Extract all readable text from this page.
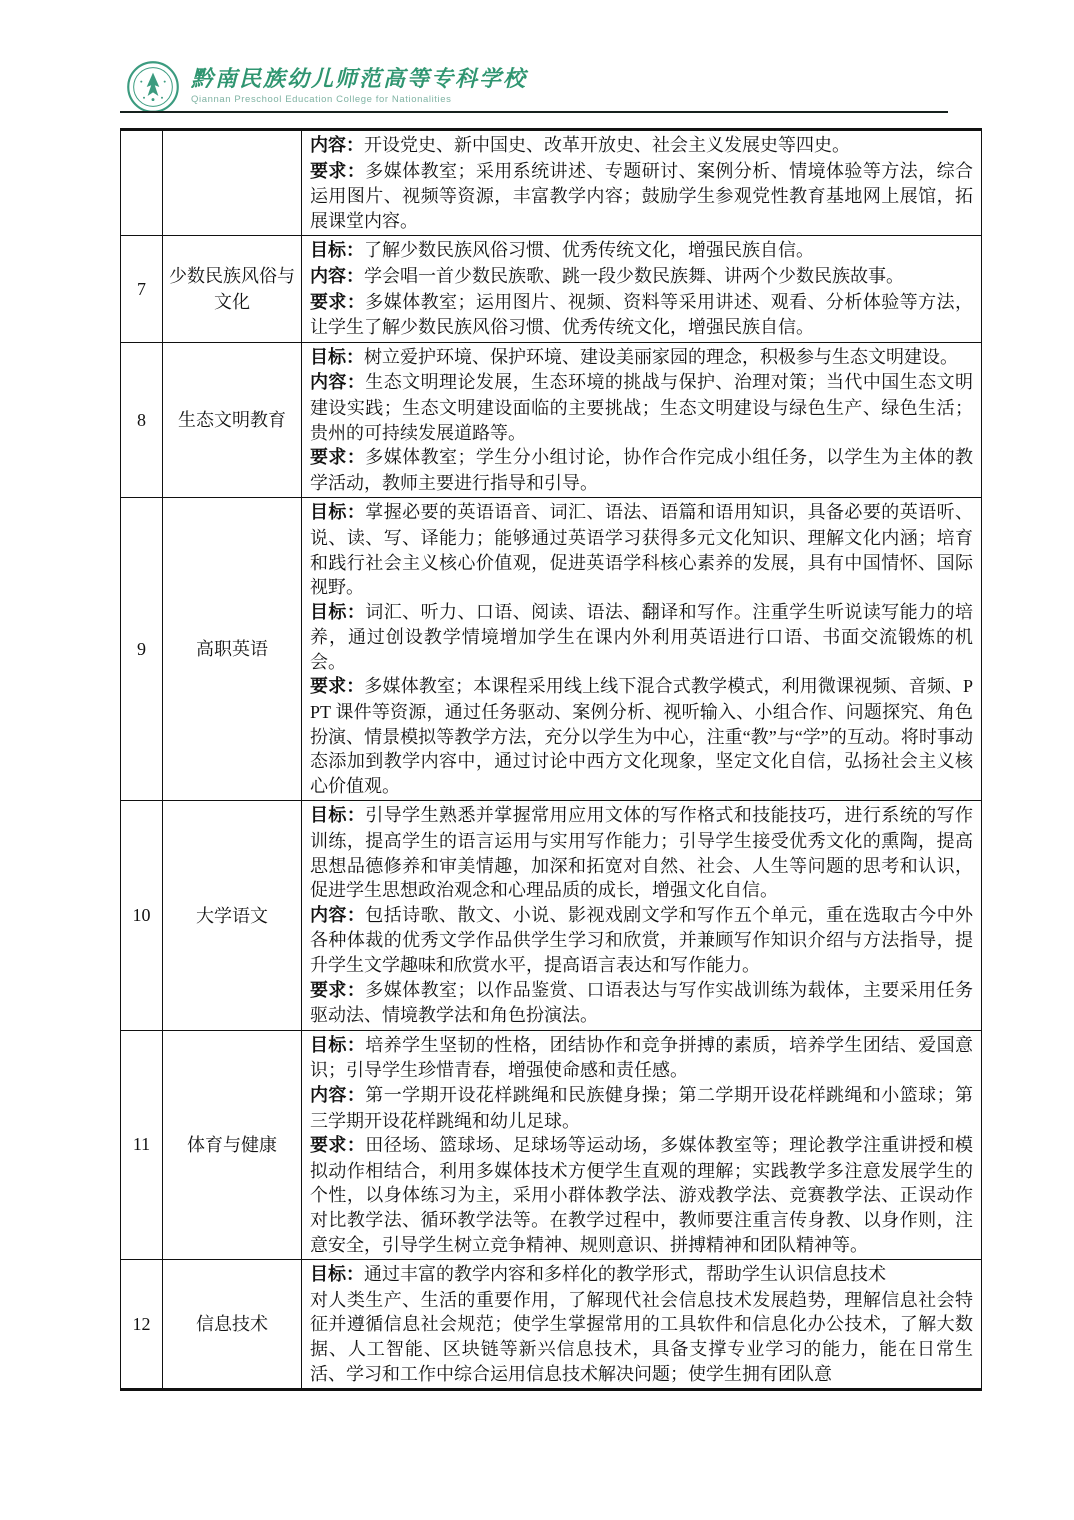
黔南民族幼儿师范高等专科学校
Qiannan Preschool Education College for Nationalities

		内容：开设党史、新中国史、改革开放史、社会主义发展史等四史。

要求：多媒体教室；采用系统讲述、专题研讨、案例分析、情境体验等方法，综合运用图片、视频等资源，丰富教学内容；鼓励学生参观党性教育基地网上展馆，拓展课堂内容。

7	少数民族风俗与文化	目标：了解少数民族风俗习惯、优秀传统文化，增强民族自信。

内容：学会唱一首少数民族歌、跳一段少数民族舞、讲两个少数民族故事。

要求：多媒体教室；运用图片、视频、资料等采用讲述、观看、分析体验等方法，让学生了解少数民族风俗习惯、优秀传统文化，增强民族自信。

8	生态文明教育	目标：树立爱护环境、保护环境、建设美丽家园的理念，积极参与生态文明建设。

内容：生态文明理论发展，生态环境的挑战与保护、治理对策；当代中国生态文明建设实践；生态文明建设面临的主要挑战；生态文明建设与绿色生产、绿色生活；贵州的可持续发展道路等。

要求：多媒体教室；学生分小组讨论，协作合作完成小组任务，以学生为主体的教学活动，教师主要进行指导和引导。

9	高职英语	目标：掌握必要的英语语音、词汇、语法、语篇和语用知识，具备必要的英语听、说、读、写、译能力；能够通过英语学习获得多元文化知识、理解文化内涵；培育和践行社会主义核心价值观，促进英语学科核心素养的发展，具有中国情怀、国际视野。

目标：词汇、听力、口语、阅读、语法、翻译和写作。注重学生听说读写能力的培养，通过创设教学情境增加学生在课内外利用英语进行口语、书面交流锻炼的机会。

要求：多媒体教室；本课程采用线上线下混合式教学模式，利用微课视频、音频、PPT 课件等资源，通过任务驱动、案例分析、视听输入、小组合作、问题探究、角色扮演、情景模拟等教学方法，充分以学生为中心，注重“教”与“学”的互动。将时事动态添加到教学内容中，通过讨论中西方文化现象，坚定文化自信，弘扬社会主义核心价值观。

10	大学语文	目标：引导学生熟悉并掌握常用应用文体的写作格式和技能技巧，进行系统的写作训练，提高学生的语言运用与实用写作能力；引导学生接受优秀文化的熏陶，提高思想品德修养和审美情趣，加深和拓宽对自然、社会、人生等问题的思考和认识，促进学生思想政治观念和心理品质的成长，增强文化自信。

内容：包括诗歌、散文、小说、影视戏剧文学和写作五个单元，重在选取古今中外各种体裁的优秀文学作品供学生学习和欣赏，并兼顾写作知识介绍与方法指导，提升学生文学趣味和欣赏水平，提高语言表达和写作能力。

要求：多媒体教室；以作品鉴赏、口语表达与写作实战训练为载体，主要采用任务驱动法、情境教学法和角色扮演法。

11	体育与健康	目标：培养学生坚韧的性格，团结协作和竞争拼搏的素质，培养学生团结、爱国意识；引导学生珍惜青春，增强使命感和责任感。

内容：第一学期开设花样跳绳和民族健身操；第二学期开设花样跳绳和小篮球；第三学期开设花样跳绳和幼儿足球。

要求：田径场、篮球场、足球场等运动场，多媒体教室等；理论教学注重讲授和模拟动作相结合，利用多媒体技术方便学生直观的理解；实践教学多注意发展学生的个性，以身体练习为主，采用小群体教学法、游戏教学法、竞赛教学法、正误动作对比教学法、循环教学法等。在教学过程中，教师要注重言传身教、以身作则，注意安全，引导学生树立竞争精神、规则意识、拼搏精神和团队精神等。

12	信息技术	目标：通过丰富的教学内容和多样化的教学形式，帮助学生认识信息技术

对人类生产、生活的重要作用，了解现代社会信息技术发展趋势，理解信息社会特征并遵循信息社会规范；使学生掌握常用的工具软件和信息化办公技术，了解大数据、人工智能、区块链等新兴信息技术，具备支撑专业学习的能力，能在日常生活、学习和工作中综合运用信息技术解决问题；使学生拥有团队意
